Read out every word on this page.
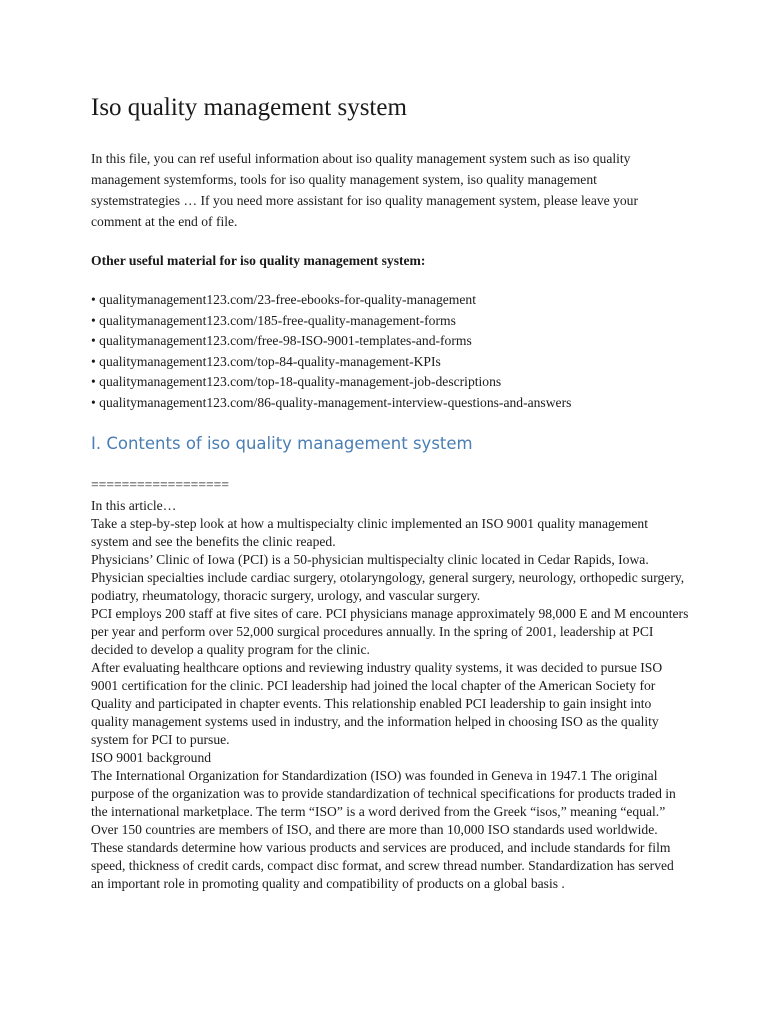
Iso quality management system

In this file, you can ref useful information about iso quality management system such as iso quality management systemforms, tools for iso quality management system, iso quality management systemstrategies … If you need more assistant for iso quality management system, please leave your comment at the end of file.

Other useful material for iso quality management system:

• qualitymanagement123.com/23-free-ebooks-for-quality-management
• qualitymanagement123.com/185-free-quality-management-forms
• qualitymanagement123.com/free-98-ISO-9001-templates-and-forms
• qualitymanagement123.com/top-84-quality-management-KPIs
• qualitymanagement123.com/top-18-quality-management-job-descriptions
• qualitymanagement123.com/86-quality-management-interview-questions-and-answers
I. Contents of iso quality management system

==================

In this article…

Take a step-by-step look at how a multispecialty clinic implemented an ISO 9001 quality management system and see the benefits the clinic reaped.

Physicians’ Clinic of Iowa (PCI) is a 50-physician multispecialty clinic located in Cedar Rapids, Iowa. Physician specialties include cardiac surgery, otolaryngology, general surgery, neurology, orthopedic surgery, podiatry, rheumatology, thoracic surgery, urology, and vascular surgery.

PCI employs 200 staff at five sites of care. PCI physicians manage approximately 98,000 E and M encounters per year and perform over 52,000 surgical procedures annually. In the spring of 2001, leadership at PCI decided to develop a quality program for the clinic.

After evaluating healthcare options and reviewing industry quality systems, it was decided to pursue ISO 9001 certification for the clinic. PCI leadership had joined the local chapter of the American Society for Quality and participated in chapter events. This relationship enabled PCI leadership to gain insight into quality management systems used in industry, and the information helped in choosing ISO as the quality system for PCI to pursue.

ISO 9001 background

The International Organization for Standardization (ISO) was founded in Geneva in 1947.1 The original purpose of the organization was to provide standardization of technical specifications for products traded in the international marketplace. The term “ISO” is a word derived from the Greek “isos,” meaning “equal.”

Over 150 countries are members of ISO, and there are more than 10,000 ISO standards used worldwide. These standards determine how various products and services are produced, and include standards for film speed, thickness of credit cards, compact disc format, and screw thread number. Standardization has served an important role in promoting quality and compatibility of products on a global basis .
